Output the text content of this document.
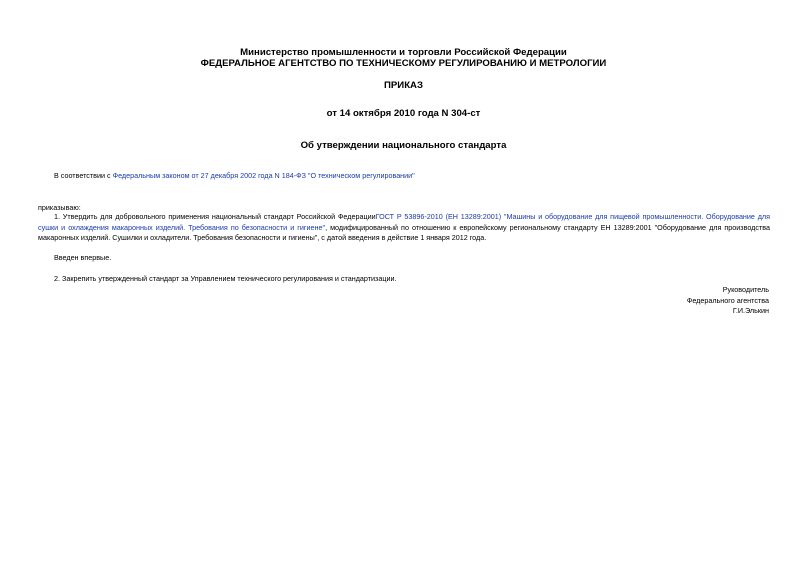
Министерство промышленности и торговли Российской Федерации
ФЕДЕРАЛЬНОЕ АГЕНТСТВО ПО ТЕХНИЧЕСКОМУ РЕГУЛИРОВАНИЮ И МЕТРОЛОГИИ
ПРИКАЗ
от 14 октября 2010 года N 304-ст
Об утверждении национального стандарта
В соответствии с Федеральным законом от 27 декабря 2002 года N 184-ФЗ "О техническом регулировании"
приказываю:
1. Утвердить для добровольного применения национальный стандарт Российской ФедерацииГОСТ Р 53896-2010 (ЕН 13289:2001) "Машины и оборудование для пищевой промышленности. Оборудование для сушки и охлаждения макаронных изделий. Требования по безопасности и гигиене", модифицированный по отношению к европейскому региональному стандарту ЕН 13289:2001 "Оборудование для производства макаронных изделий. Сушилки и охладители. Требования безопасности и гигиены", с датой введения в действие 1 января 2012 года.
Введен впервые.
2. Закрепить утвержденный стандарт за Управлением технического регулирования и стандартизации.
Руководитель
Федерального агентства
Г.И.Элькин
